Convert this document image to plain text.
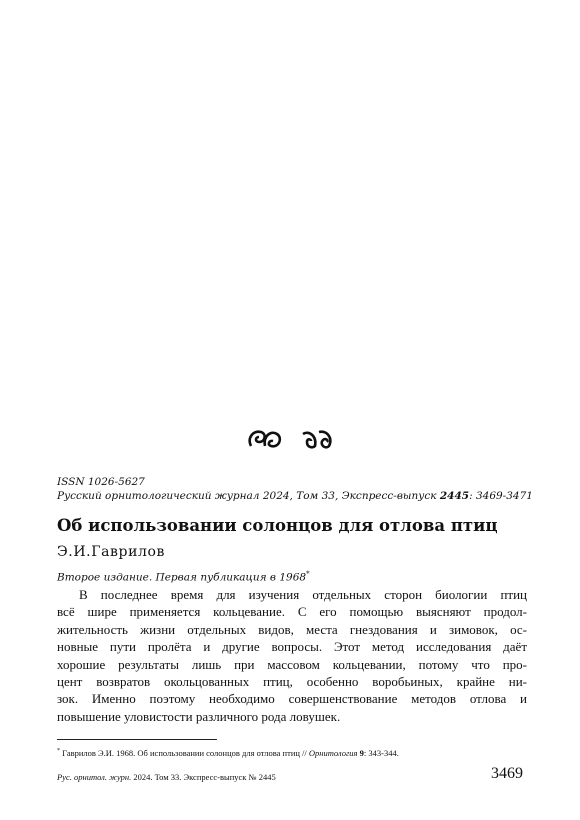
ISSN 1026-5627
Русский орнитологический журнал 2024, Том 33, Экспресс-выпуск 2445: 3469-3471
Об использовании солонцов для отлова птиц
Э.И.Гаврилов
Второе издание. Первая публикация в 1968*
В последнее время для изучения отдельных сторон биологии птиц
всё шире применяется кольцевание. С его помощью выясняют продол-
жительность жизни отдельных видов, места гнездования и зимовок, ос-
новные пути пролёта и другие вопросы. Этот метод исследования даёт
хорошие результаты лишь при массовом кольцевании, потому что про-
цент возвратов окольцованных птиц, особенно воробьиных, крайне ни-
зок. Именно поэтому необходимо совершенствование методов отлова и
повышение уловистости различного рода ловушек.
* Гаврилов Э.И. 1968. Об использовании солонцов для отлова птиц // Орнитология 9: 343-344.
Рус. орнитол. журн. 2024. Том 33. Экспресс-выпуск № 2445	3469
